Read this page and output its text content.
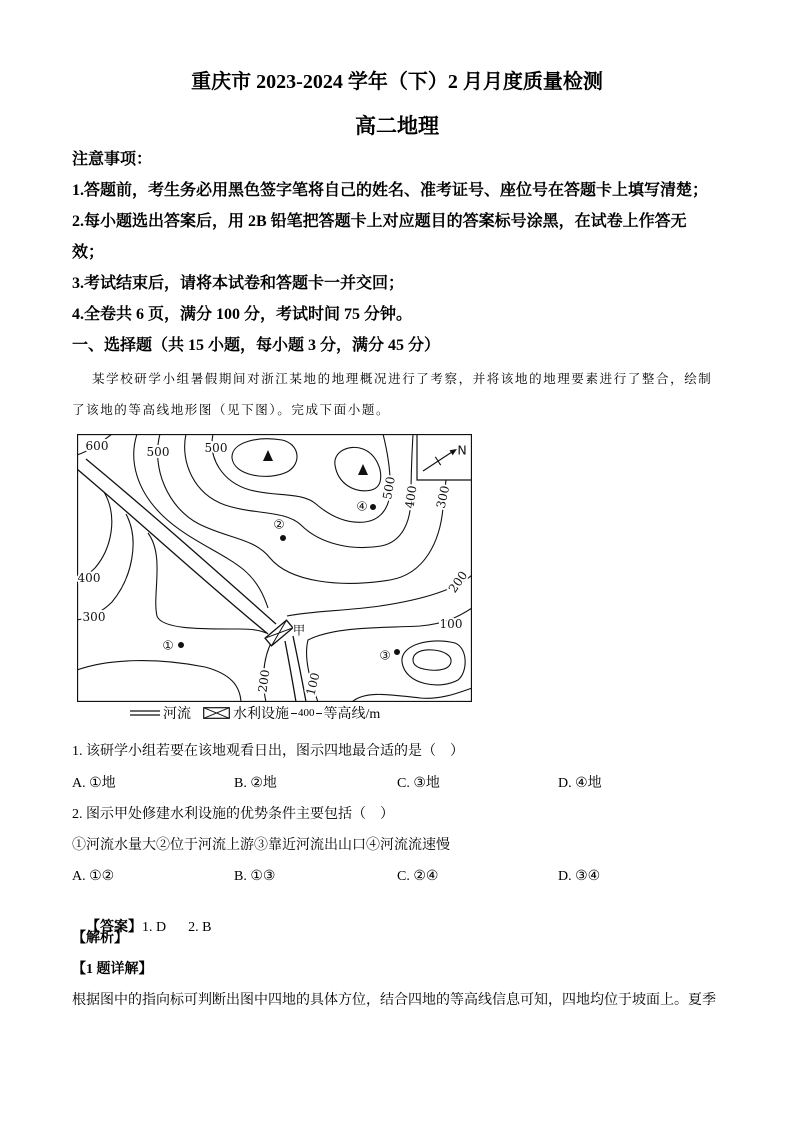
重庆市 2023-2024 学年（下）2 月月度质量检测
高二地理
注意事项：
1.答题前，考生务必用黑色签字笔将自己的姓名、准考证号、座位号在答题卡上填写清楚；
2.每小题选出答案后，用 2B 铅笔把答题卡上对应题目的答案标号涂黑，在试卷上作答无
效；
3.考试结束后，请将本试卷和答题卡一并交回；
4.全卷共 6 页，满分 100 分，考试时间 75 分钟。
一、选择题（共 15 小题，每小题 3 分，满分 45 分）
某学校研学小组暑假期间对浙江某地的地理概况进行了考察，并将该地的地理要素进行了整合，绘制
了该地的等高线地形图（见下图）。完成下面小题。
甲
N
600	500	500
500 400 300
200
100
400
300
200	100
①
②
③
④
河流	水利设施 400 等高线/m
1. 该研学小组若要在该地观看日出，图示四地最合适的是（    ）
A. ①地	B. ②地	C. ③地	D. ④地
2. 图示甲处修建水利设施的优势条件主要包括（    ）
①河流水量大②位于河流上游③靠近河流出山口④河流流速慢
A. ①②	B. ①③	C. ②④	D. ③④

【答案】1. D 2. B

【解析】
【1 题详解】
根据图中的指向标可判断出图中四地的具体方位，结合四地的等高线信息可知，四地均位于坡面上。夏季
